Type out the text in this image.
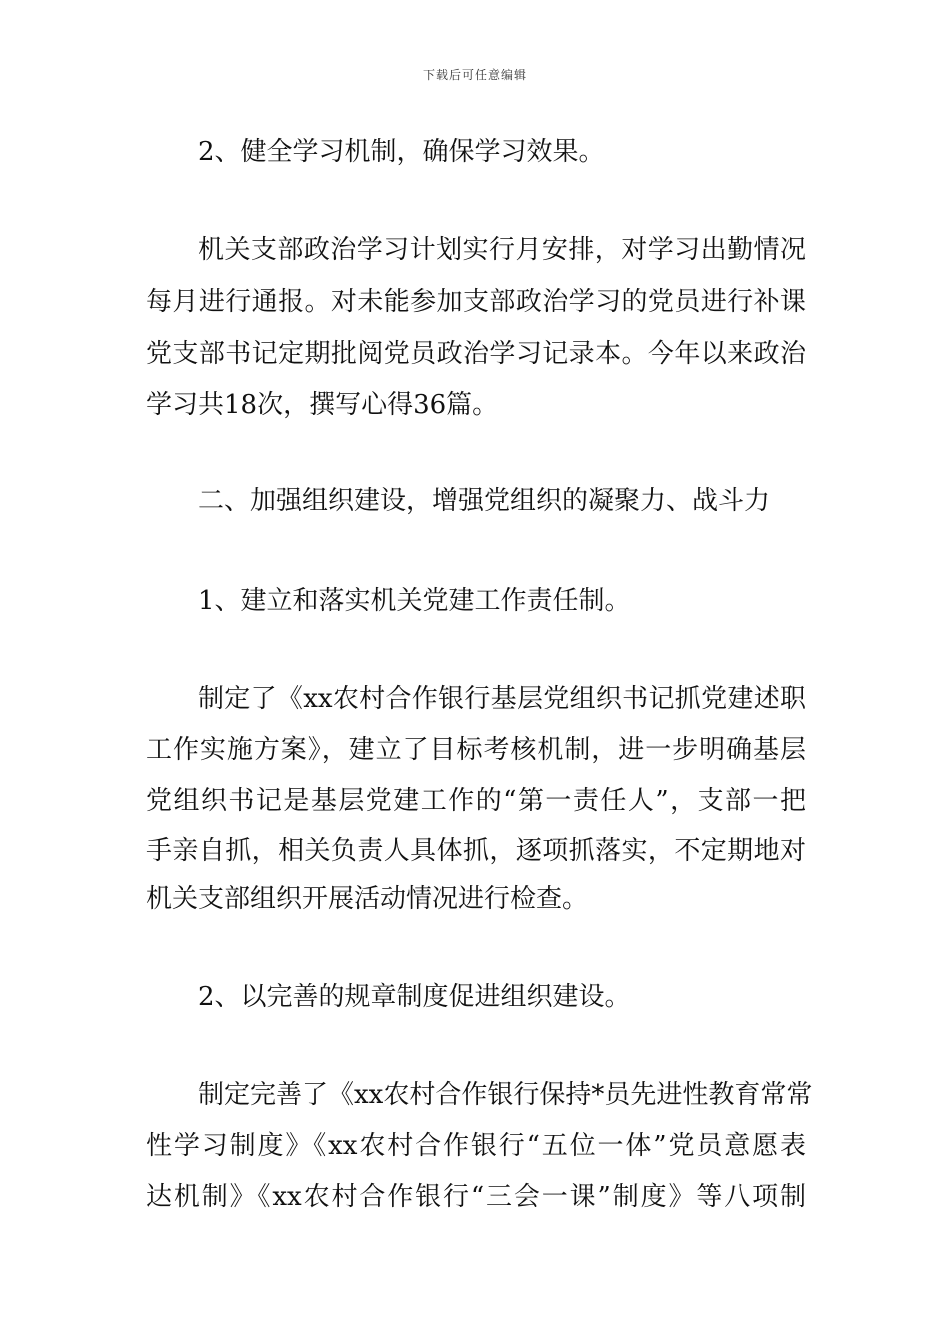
下载后可任意编辑
2、健全学习机制，确保学习效果。
机关支部政治学习计划实行月安排，对学习出勤情况
每月进行通报。对未能参加支部政治学习的党员进行补课
党支部书记定期批阅党员政治学习记录本。今年以来政治
学习共18次，撰写心得36篇。
二、加强组织建设，增强党组织的凝聚力、战斗力
1、建立和落实机关党建工作责任制。
制定了《xx农村合作银行基层党组织书记抓党建述职
工作实施方案》，建立了目标考核机制，进一步明确基层
党组织书记是基层党建工作的“第一责任人”，支部一把
手亲自抓，相关负责人具体抓，逐项抓落实，不定期地对
机关支部组织开展活动情况进行检查。
2、以完善的规章制度促进组织建设。
制定完善了《xx农村合作银行保持*员先进性教育常常
性学习制度》《xx农村合作银行“五位一体”党员意愿表
达机制》《xx农村合作银行“三会一课”制度》等八项制
